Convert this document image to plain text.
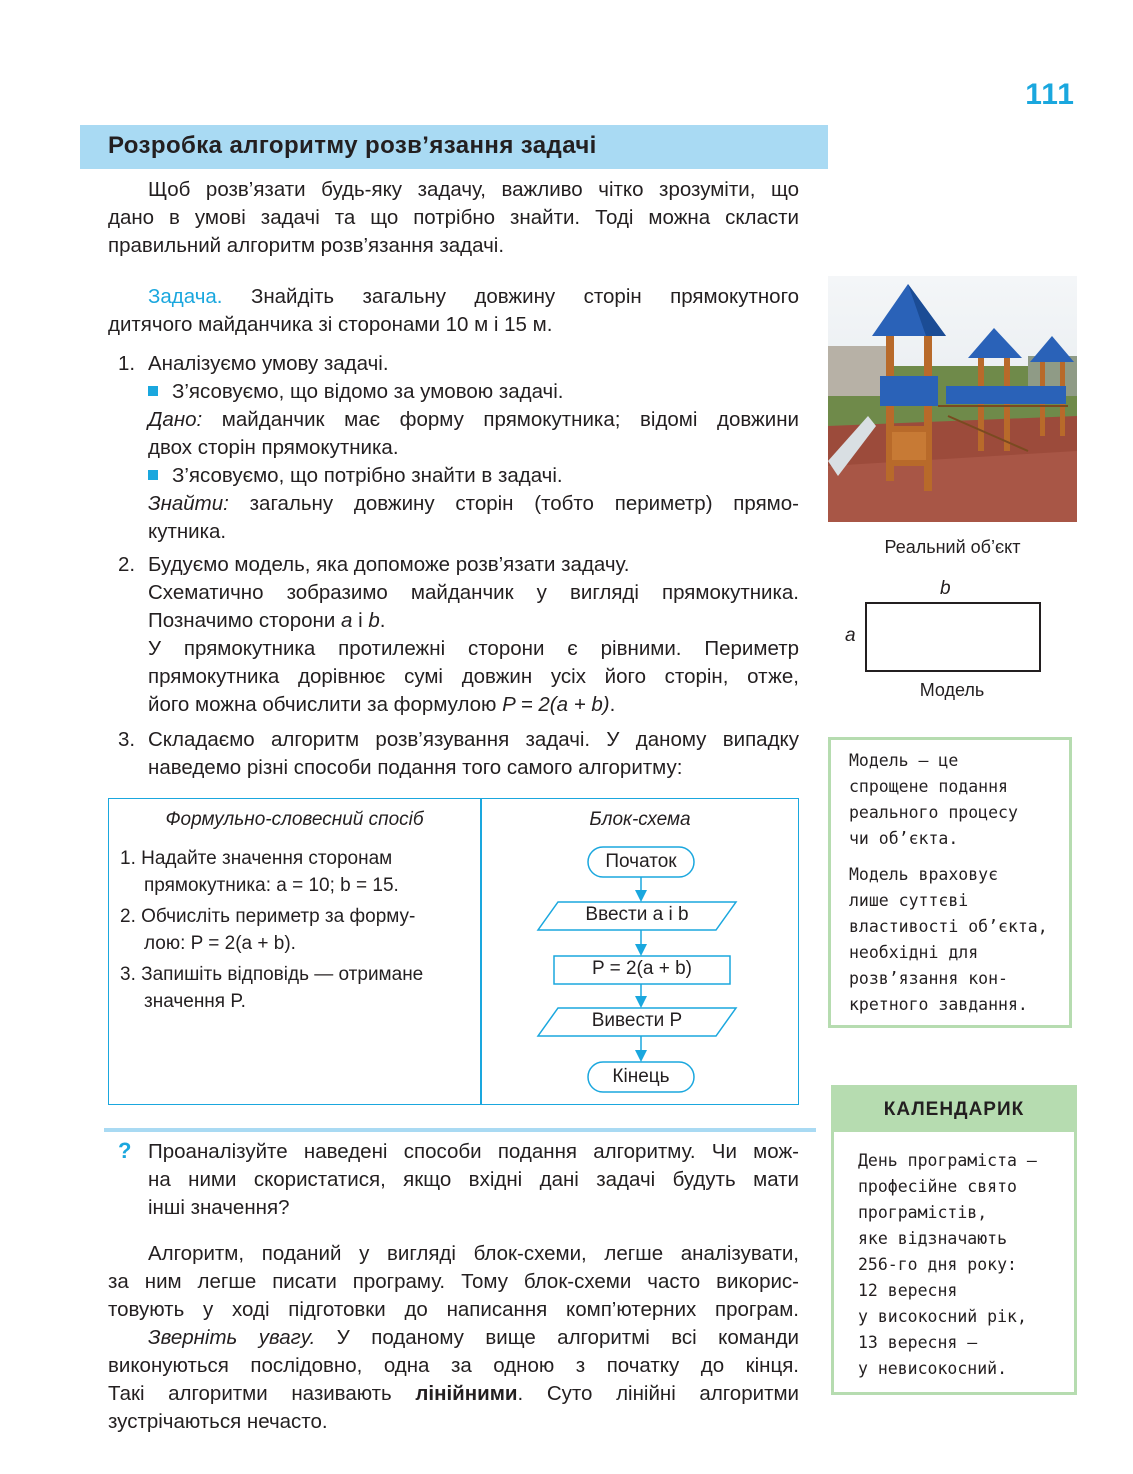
111
Розробка алгоритму розв’язання задачі
Щоб розв’язати будь-яку задачу, важливо чітко зрозуміти, що
дано в умові задачі та що потрібно знайти. Тоді можна скласти
правильний алгоритм розв’язання задачі.
Задача. Знайдіть загальну довжину сторін прямокутного
дитячого майданчика зі сторонами 10 м і 15 м.
1. Аналізуємо умову задачі.
З’ясовуємо, що відомо за умовою задачі.
Дано: майданчик має форму прямокутника; відомі довжини
двох сторін прямокутника.
З’ясовуємо, що потрібно знайти в задачі.
Знайти: загальну довжину сторін (тобто периметр) прямо-
кутника.
2. Будуємо модель, яка допоможе розв’язати задачу.
Схематично зобразимо майданчик у вигляді прямокутника.
Позначимо сторони a і b.
У прямокутника протилежні сторони є рівними. Периметр
прямокутника дорівнює сумі довжин усіх його сторін, отже,
його можна обчислити за формулою P = 2(a + b).
3. Складаємо алгоритм розв’язування задачі. У даному випадку
наведемо різні способи подання того самого алгоритму:
Формульно-словесний спосіб	Блок-схема
1. Надайте значення сторонам
прямокутника: a = 10; b = 15.
2. Обчисліть периметр за форму-
лою: P = 2(a + b).
3. Запишіть відповідь — отримане
значення P.
Початок
Ввести a і b
P = 2(a + b)
Вивести P
Кінець
? Проаналізуйте наведені способи подання алгоритму. Чи мож-
на ними скористатися, якщо вхідні дані задачі будуть мати
інші значення?
Алгоритм, поданий у вигляді блок-схеми, легше аналізувати,
за ним легше писати програму. Тому блок-схеми часто викорис-
товують у ході підготовки до написання комп’ютерних програм.
Зверніть увагу. У поданому вище алгоритмі всі команди
виконуються послідовно, одна за одною з початку до кінця.
Такі алгоритми називають лінійними. Суто лінійні алгоритми
зустрічаються нечасто.
Реальний об’єкт
b
a
Модель

Модель — це
спрощене подання
реального процесу
чи об’єкта.

Модель враховує
лише суттєві
властивості об’єкта,
необхідні для
розв’язання кон-
кретного завдання.

КАЛЕНДАРИК
День програміста —
професійне свято
програмістів,
яке відзначають
256-го дня року:
12 вересня
у високосний рік,
13 вересня —
у невисокосний.
